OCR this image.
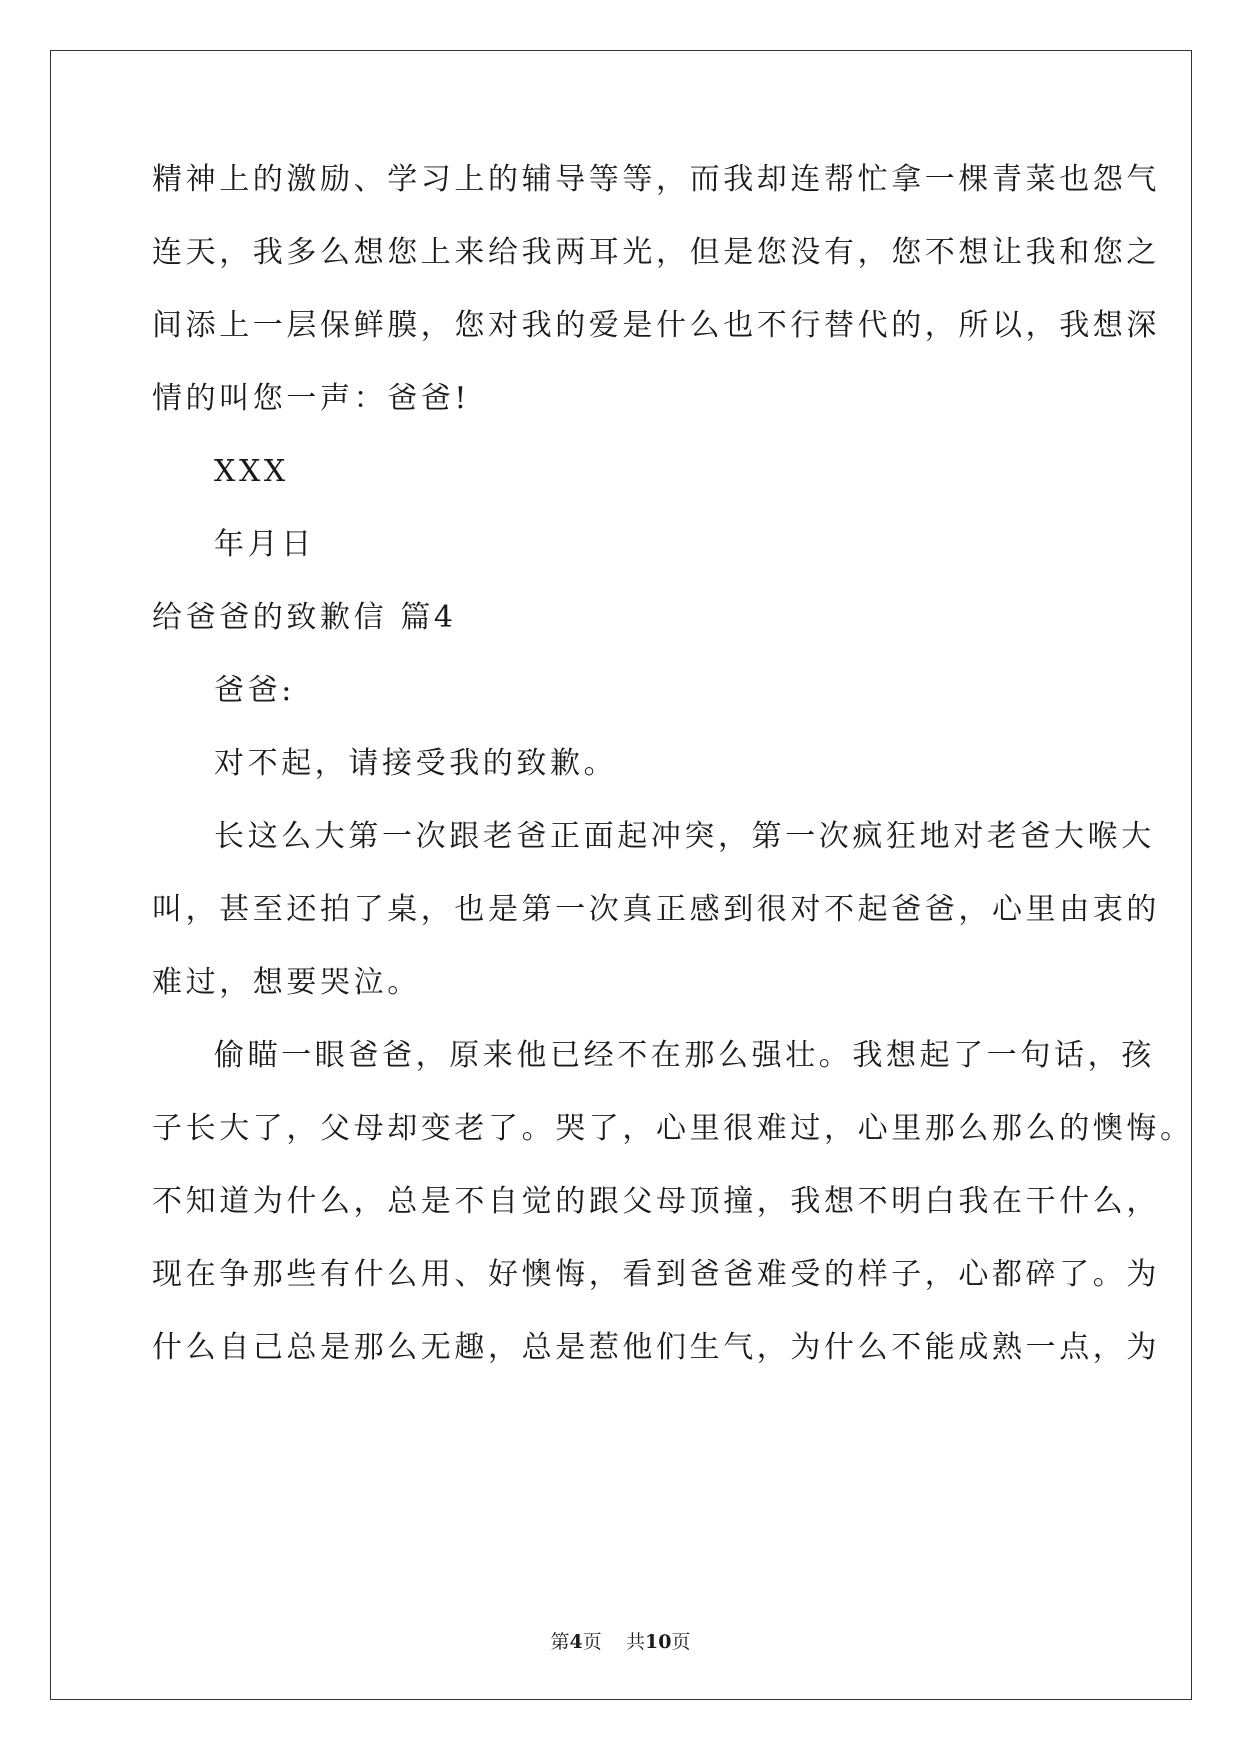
精神上的激励、学习上的辅导等等，而我却连帮忙拿一棵青菜也怨气
连天，我多么想您上来给我两耳光，但是您没有，您不想让我和您之
间添上一层保鲜膜，您对我的爱是什么也不行替代的，所以，我想深
情的叫您一声：爸爸!
XXX
年月日
给爸爸的致歉信 篇4
爸爸:
对不起，请接受我的致歉。
长这么大第一次跟老爸正面起冲突，第一次疯狂地对老爸大喉大
叫，甚至还拍了桌，也是第一次真正感到很对不起爸爸，心里由衷的
难过，想要哭泣。
偷瞄一眼爸爸，原来他已经不在那么强壮。我想起了一句话，孩
子长大了，父母却变老了。哭了，心里很难过，心里那么那么的懊悔。
不知道为什么，总是不自觉的跟父母顶撞，我想不明白我在干什么，
现在争那些有什么用、好懊悔，看到爸爸难受的样子，心都碎了。为
什么自己总是那么无趣，总是惹他们生气，为什么不能成熟一点，为
第4页 共10页
